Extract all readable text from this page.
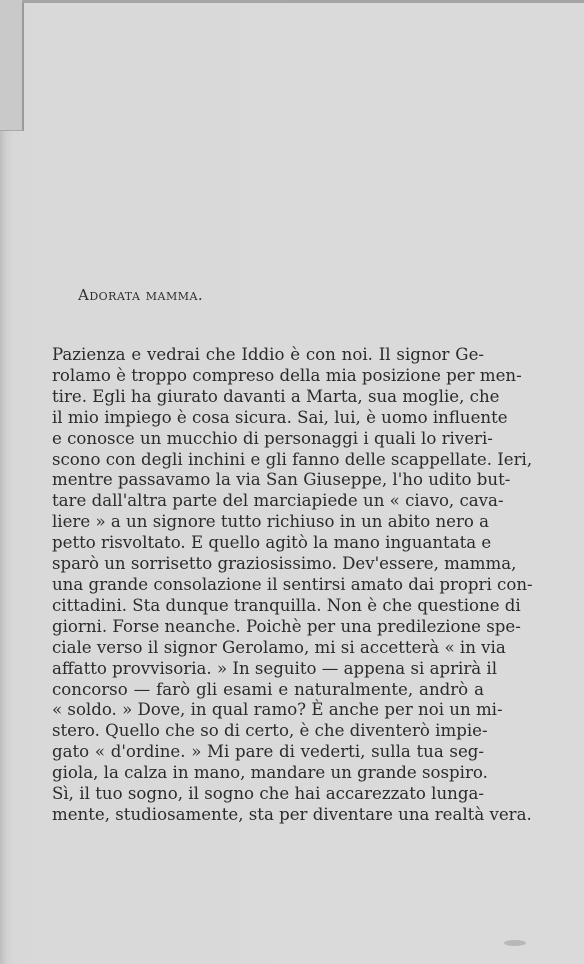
Adorata mamma.
Pazienza e vedrai che Iddio è con noi. Il signor Ge-
rolamo è troppo compreso della mia posizione per men-
tire. Egli ha giurato davanti a Marta, sua moglie, che
il mio impiego è cosa sicura. Sai, lui, è uomo influente
e conosce un mucchio di personaggi i quali lo riveri-
scono con degli inchini e gli fanno delle scappellate. Ieri,
mentre passavamo la via San Giuseppe, l'ho udito but-
tare dall'altra parte del marciapiede un « ciavo, cava-
liere » a un signore tutto richiuso in un abito nero a
petto risvoltato. E quello agitò la mano inguantata e
sparò un sorrisetto graziosissimo. Dev'essere, mamma,
una grande consolazione il sentirsi amato dai propri con-
cittadini. Sta dunque tranquilla. Non è che questione di
giorni. Forse neanche. Poichè per una predilezione spe-
ciale verso il signor Gerolamo, mi si accetterà « in via
affatto provvisoria. » In seguito — appena si aprirà il
concorso — farò gli esami e naturalmente, andrò a
« soldo. » Dove, in qual ramo? È anche per noi un mi-
stero. Quello che so di certo, è che diventerò impie-
gato « d'ordine. » Mi pare di vederti, sulla tua seg-
giola, la calza in mano, mandare un grande sospiro.
Sì, il tuo sogno, il sogno che hai accarezzato lunga-
mente, studiosamente, sta per diventare una realtà vera.
